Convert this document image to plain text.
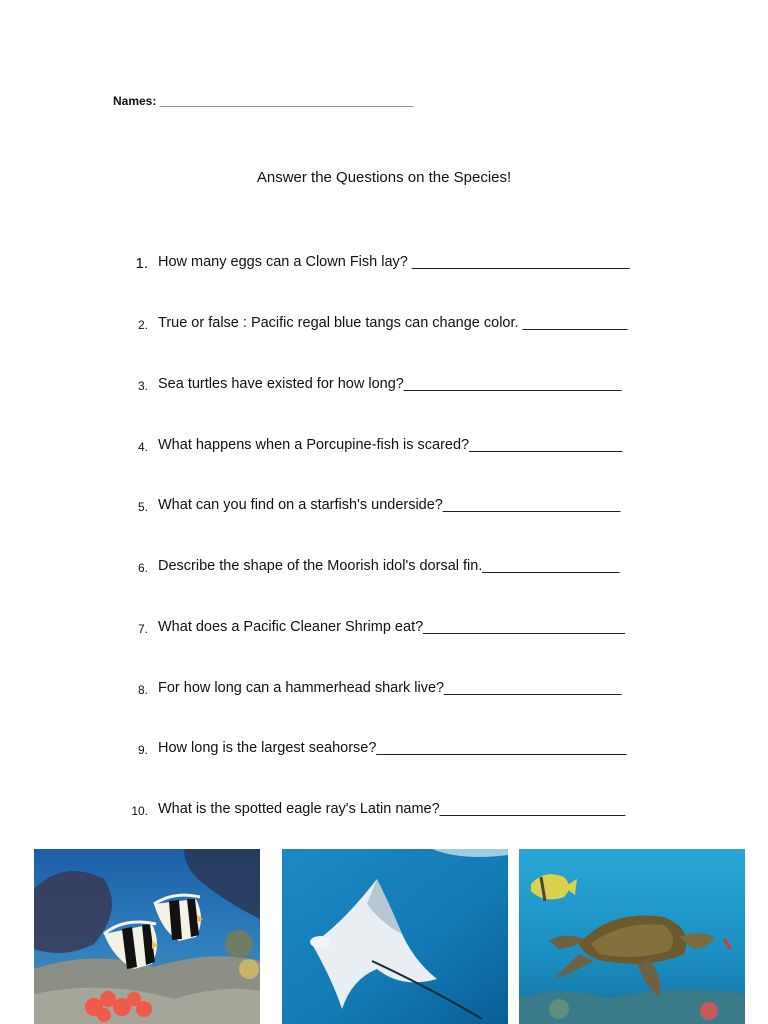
Names: ______________________________________
Answer the Questions on the Species!
1. How many eggs can a Clown Fish lay? ___________________________
2. True or false : Pacific regal blue tangs can change color. _____________
3. Sea turtles have existed for how long?___________________________
4. What happens when a Porcupine-fish is scared?___________________
5. What can you find on a starfish's underside?______________________
6. Describe the shape of the Moorish idol's dorsal fin._________________
7. What does a Pacific Cleaner Shrimp eat?_________________________
8. For how long can a hammerhead shark live?______________________
9. How long is the largest seahorse?_______________________________
10. What is the spotted eagle ray's Latin name?_______________________
